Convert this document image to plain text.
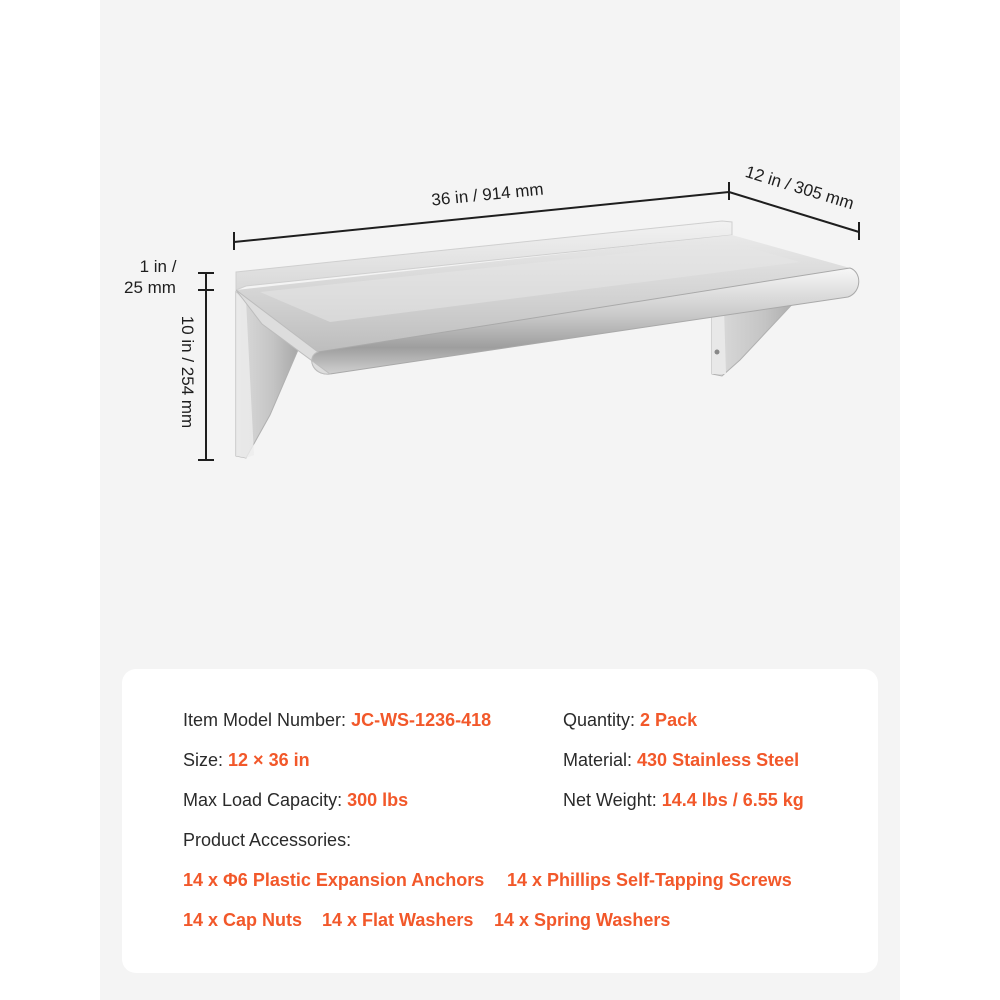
36 in / 914 mm	12 in / 305 mm
1 in /
25 mm
10 in / 254 mm
Item Model Number: JC-WS-1236-418	Quantity: 2 Pack
Size: 12 × 36 in	Material: 430 Stainless Steel
Max Load Capacity: 300 lbs	Net Weight: 14.4 lbs / 6.55 kg
Product Accessories:
14 x Φ6 Plastic Expansion Anchors 14 x Phillips Self-Tapping Screws
14 x Cap Nuts 14 x Flat Washers 14 x Spring Washers
